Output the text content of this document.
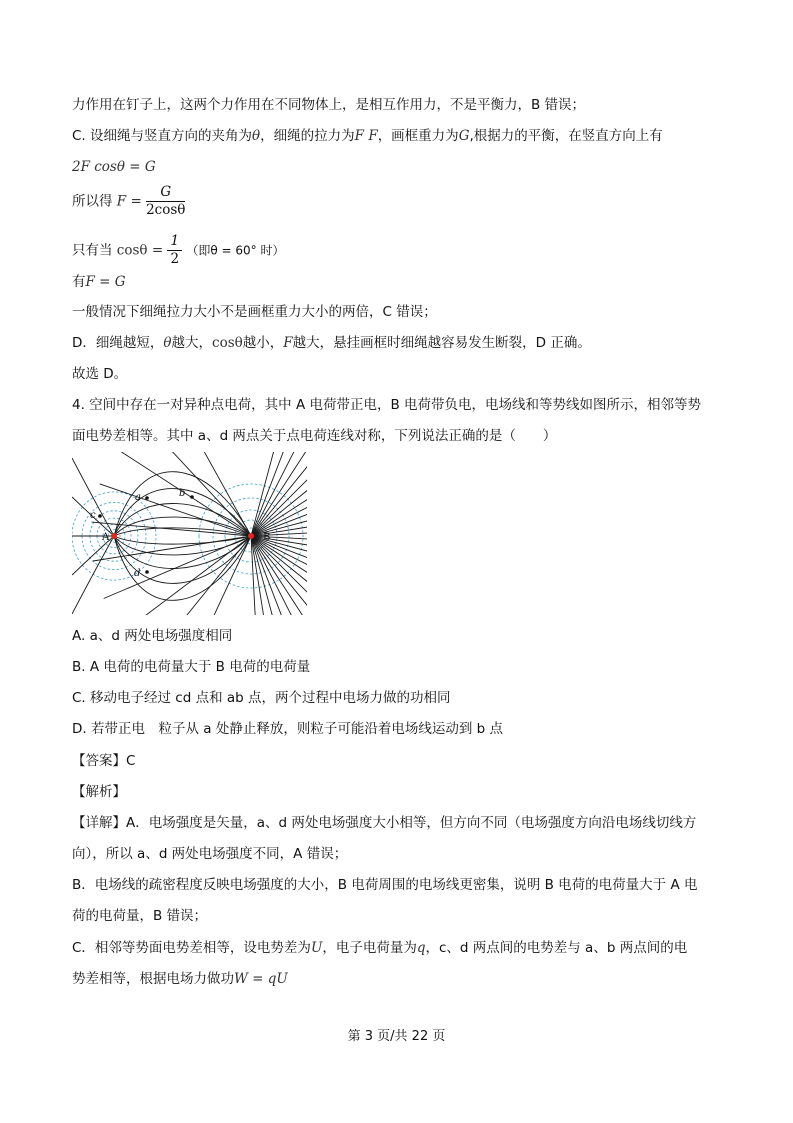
力作用在钉子上，这两个力作用在不同物体上，是相互作用力，不是平衡力，B 错误；
C. 设细绳与竖直方向的夹角为θ，细绳的拉力为F F，画框重力为G,根据力的平衡，在竖直方向上有
2F cosθ = G
所以得 $F = \frac{G}{2\cos\theta}$
只有当 $\cos\theta = \frac{1}{2}$ （即θ = 60° 时）
有F = G
一般情况下细绳拉力大小不是画框重力大小的两倍，C 错误；
D．细绳越短，θ越大，cosθ越小，F越大，悬挂画框时细绳越容易发生断裂，D 正确。
故选 D。
4. 空间中存在一对异种点电荷，其中 A 电荷带正电，B 电荷带负电，电场线和等势线如图所示，相邻等势
面电势差相等。其中 a、d 两点关于点电荷连线对称，下列说法正确的是（　　）
A	B
a	b
c
d
A. a、d 两处电场强度相同
B. A 电荷的电荷量大于 B 电荷的电荷量
C. 移动电子经过 cd 点和 ab 点，两个过程中电场力做的功相同
D. 若带正电　粒子从 a 处静止释放，则粒子可能沿着电场线运动到 b 点
【答案】C
【解析】
【详解】A．电场强度是矢量，a、d 两处电场强度大小相等，但方向不同（电场强度方向沿电场线切线方
向），所以 a、d 两处电场强度不同，A 错误；
B．电场线的疏密程度反映电场强度的大小，B 电荷周围的电场线更密集，说明 B 电荷的电荷量大于 A 电
荷的电荷量，B 错误；
C．相邻等势面电势差相等，设电势差为U，电子电荷量为q，c、d 两点间的电势差与 a、b 两点间的电
势差相等，根据电场力做功W = qU
第 3 页/共 22 页
